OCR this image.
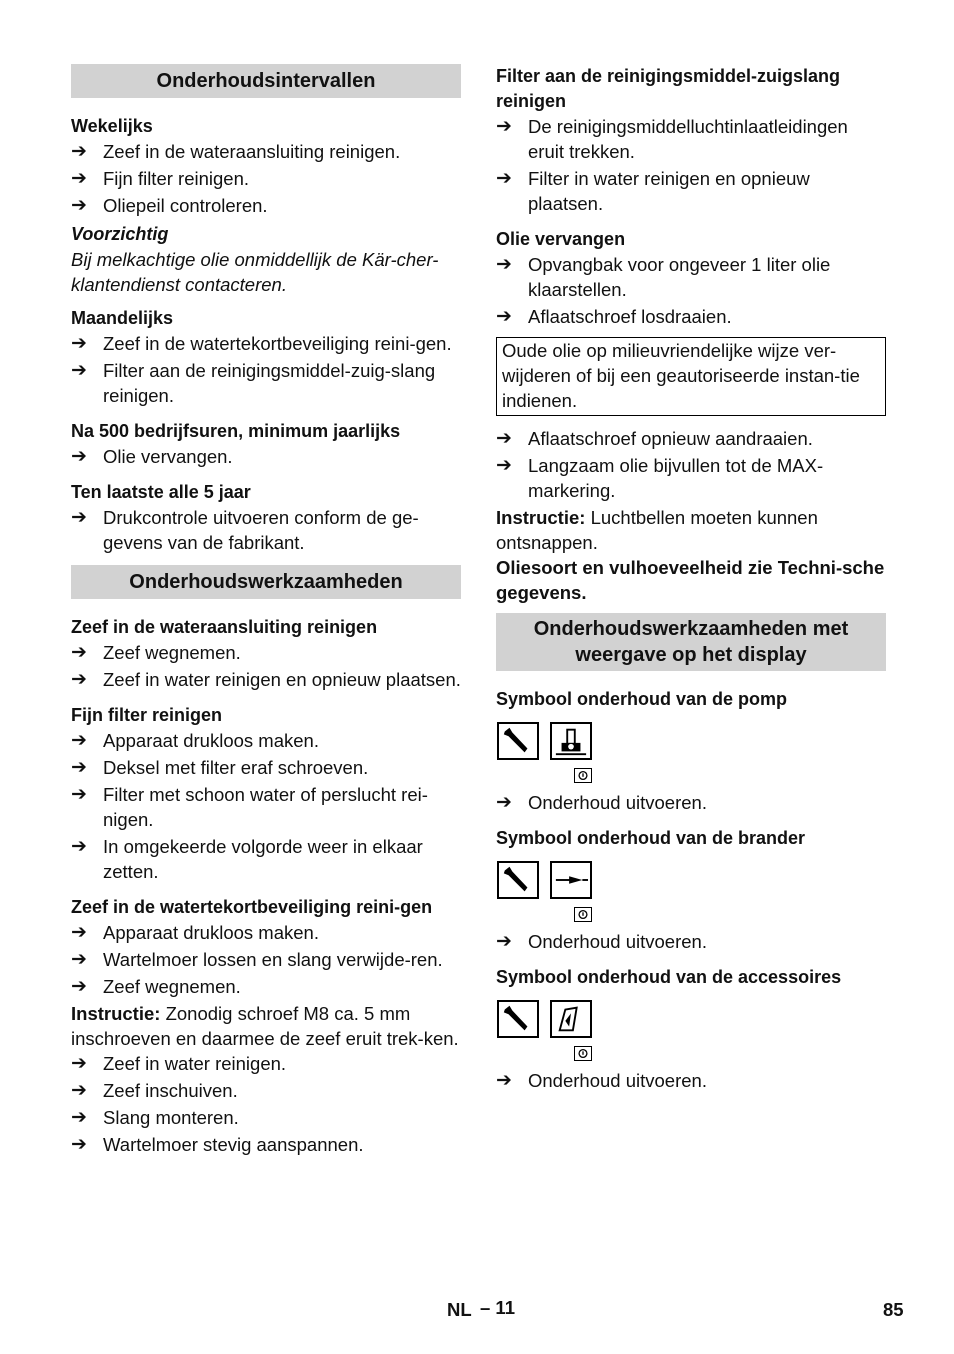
Onderhoudsintervallen
Wekelijks
➔ Zeef in de wateraansluiting reinigen.
➔ Fijn filter reinigen.
➔ Oliepeil controleren.
Voorzichtig

Bij melkachtige olie onmiddellijk de Kär-cher-klantendienst contacteren.

Maandelijks
➔ Zeef in de watertekortbeveiliging reini-gen.
➔ Filter aan de reinigingsmiddel-zuig-slang reinigen.
Na 500 bedrijfsuren, minimum jaarlijks
➔ Olie vervangen.
Ten laatste alle 5 jaar
➔ Drukcontrole uitvoeren conform de ge-gevens van de fabrikant.
Onderhoudswerkzaamheden
Zeef in de wateraansluiting reinigen
➔ Zeef wegnemen.
➔ Zeef in water reinigen en opnieuw plaatsen.
Fijn filter reinigen
➔ Apparaat drukloos maken.
➔ Deksel met filter eraf schroeven.
➔ Filter met schoon water of perslucht rei-nigen.
➔ In omgekeerde volgorde weer in elkaar zetten.
Zeef in de watertekortbeveiliging reini-gen
➔ Apparaat drukloos maken.
➔ Wartelmoer lossen en slang verwijde-ren.
➔ Zeef wegnemen.

Instructie: Zonodig schroef M8 ca. 5 mm inschroeven en daarmee de zeef eruit trek-ken.

➔ Zeef in water reinigen.
➔ Zeef inschuiven.
➔ Slang monteren.
➔ Wartelmoer stevig aanspannen.
Filter aan de reinigingsmiddel-zuigslang reinigen
➔ De reinigingsmiddelluchtinlaatleidingen eruit trekken.
➔ Filter in water reinigen en opnieuw plaatsen.
Olie vervangen
➔ Opvangbak voor ongeveer 1 liter olie klaarstellen.
➔ Aflaatschroef losdraaien.
Oude olie op milieuvriendelijke wijze ver-wijderen of bij een geautoriseerde instan-tie indienen.
➔ Aflaatschroef opnieuw aandraaien.
➔ Langzaam olie bijvullen tot de MAX-markering.

Instructie: Luchtbellen moeten kunnen ontsnappen.

Oliesoort en vulhoeveelheid zie Techni-sche gegevens.

Onderhoudswerkzaamheden met weergave op het display
Symbool onderhoud van de pomp
➔ Onderhoud uitvoeren.
Symbool onderhoud van de brander
➔ Onderhoud uitvoeren.
Symbool onderhoud van de accessoires
➔ Onderhoud uitvoeren.
NL – 11	85
